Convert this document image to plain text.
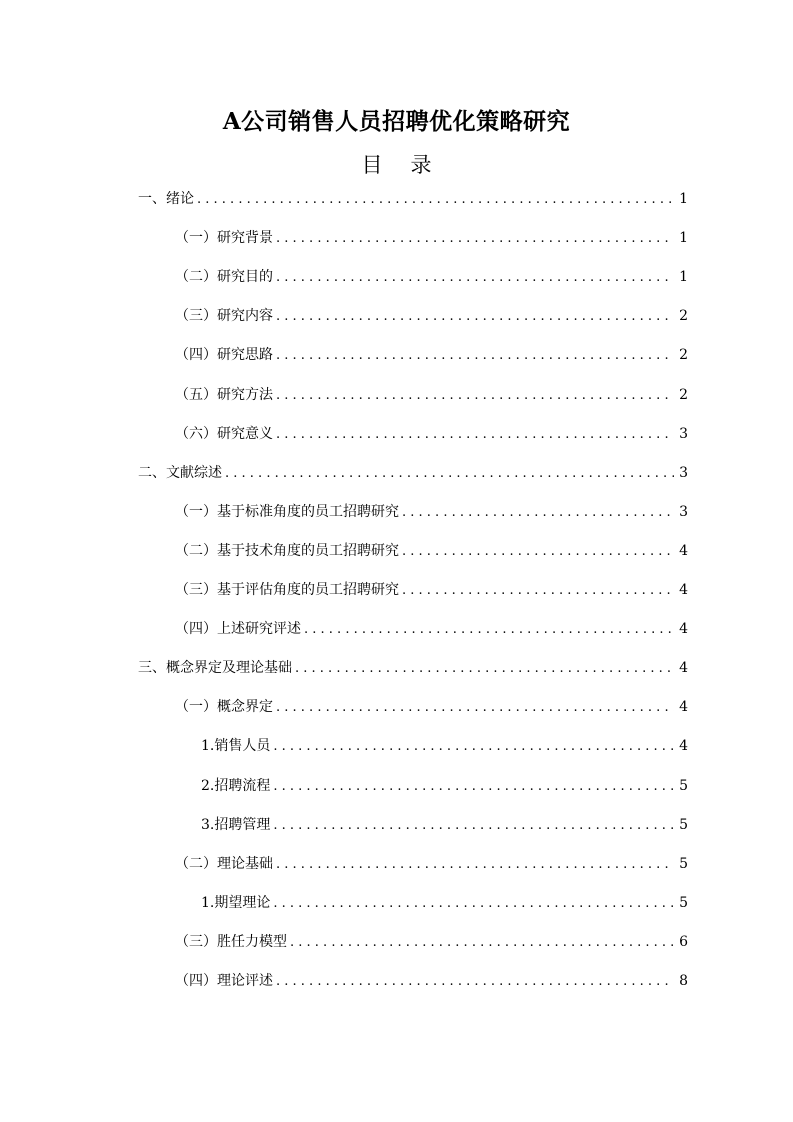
A公司销售人员招聘优化策略研究
目 录
一、绪论 . . .	1
（一）研究背景 . . .	1
（二）研究目的 . . .	1
（三）研究内容 . . .	2
（四）研究思路 . . .	2
（五）研究方法 . . .	2
（六）研究意义 . . .	3
二、文献综述 . . .	3
（一）基于标准角度的员工招聘研究 . . .	3
（二）基于技术角度的员工招聘研究 . . .	4
（三）基于评估角度的员工招聘研究 . . .	4
（四）上述研究评述 . . .	4
三、概念界定及理论基础 . . .	4
（一）概念界定 . . .	4
1.销售人员 . . .	4
2.招聘流程 . . .	5
3.招聘管理 . . .	5
（二）理论基础 . . .	5
1.期望理论 . . .	5
（三）胜任力模型 . . .	6
（四）理论评述 . . .	8
